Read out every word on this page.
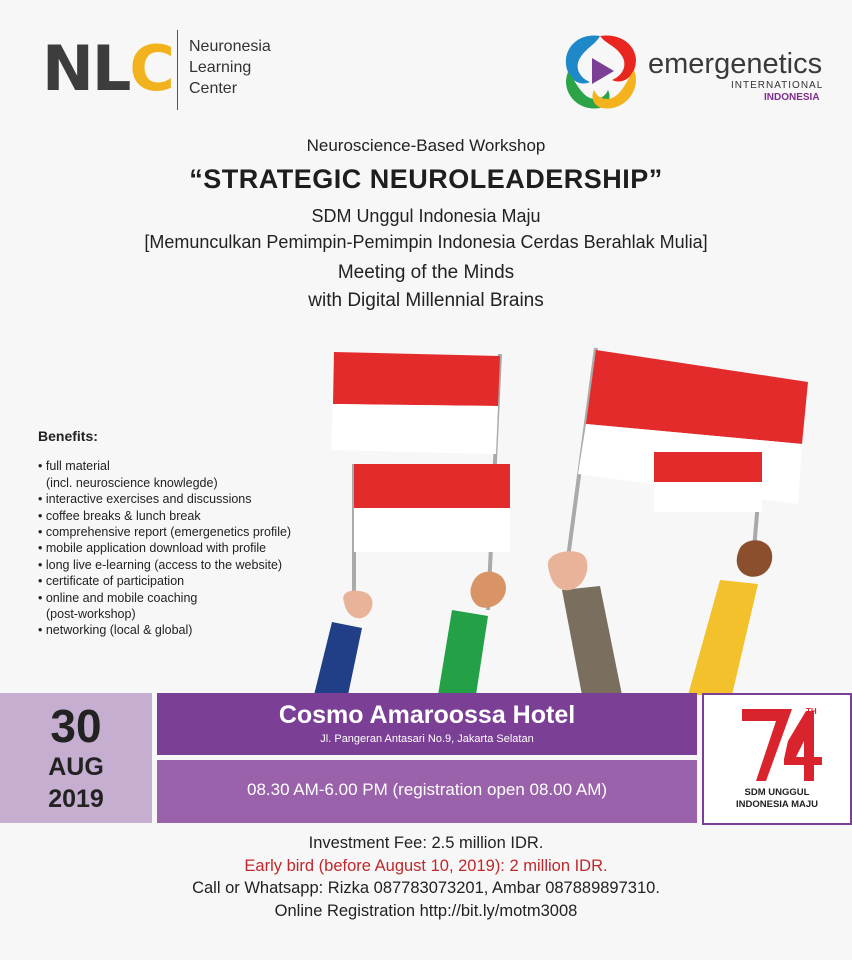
NLC Neuronesia
Learning
Center
emergenetics
INTERNATIONAL
INDONESIA
Neuroscience-Based Workshop
“STRATEGIC NEUROLEADERSHIP”
SDM Unggul Indonesia Maju
[Memunculkan Pemimpin-Pemimpin Indonesia Cerdas Berahlak Mulia]
Meeting of the Minds
with Digital Millennial Brains
Benefits:
• full material
(incl. neuroscience knowlegde)
• interactive exercises and discussions
• coffee breaks & lunch break
• comprehensive report (emergenetics profile)
• mobile application download with profile
• long live e-learning (access to the website)
• certificate of participation
• online and mobile coaching
(post-workshop)
• networking (local & global)
30
AUG
2019
Cosmo Amaroossa Hotel
Jl. Pangeran Antasari No.9, Jakarta Selatan
08.30 AM-6.00 PM (registration open 08.00 AM)	SDM UNGGUL
INDONESIA MAJU
TH
Investment Fee: 2.5 million IDR.
Early bird (before August 10, 2019): 2 million IDR.
Call or Whatsapp: Rizka 087783073201, Ambar 087889897310.
Online Registration http://bit.ly/motm3008
